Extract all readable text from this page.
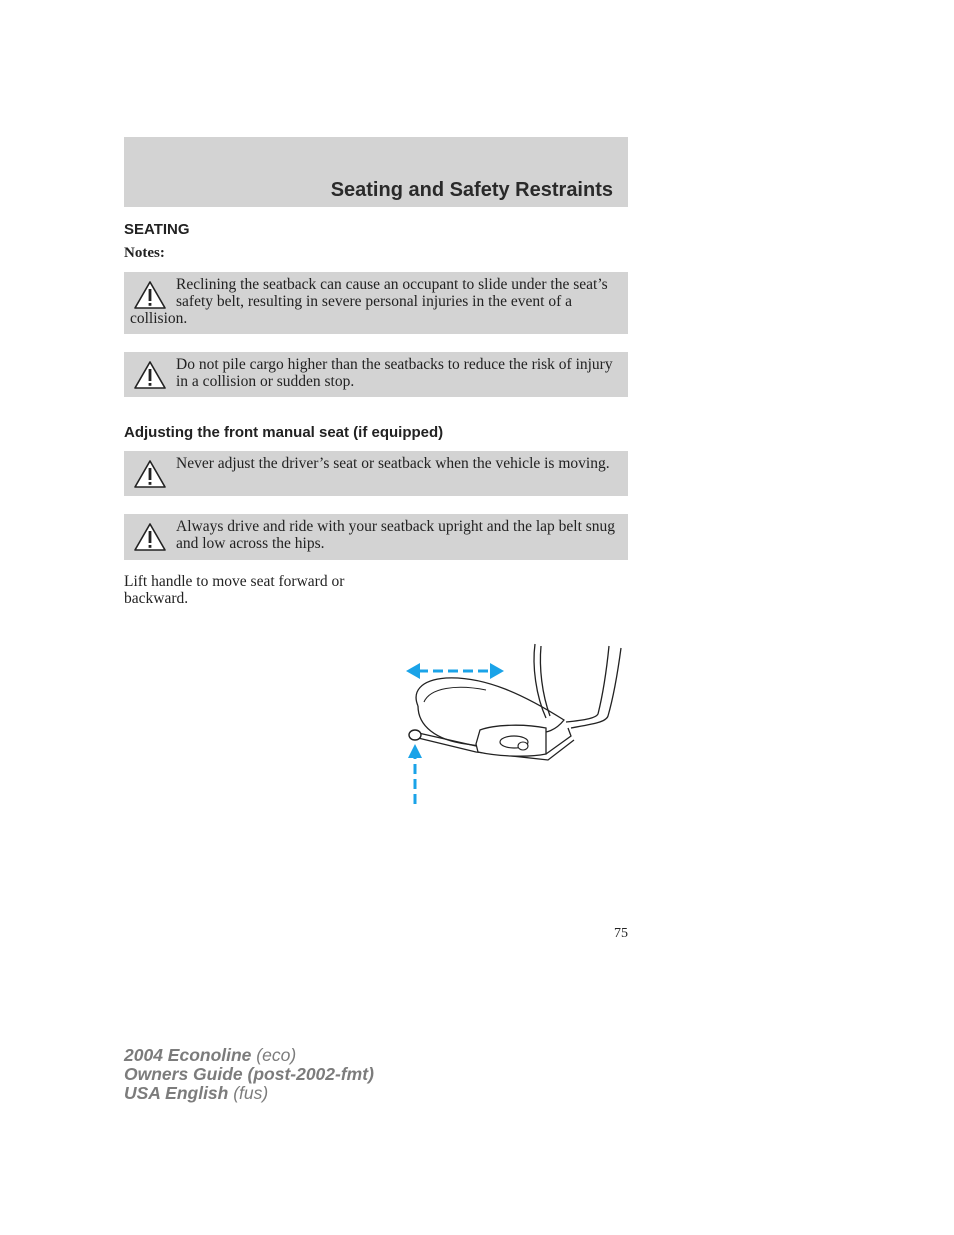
Seating and Safety Restraints
SEATING
Notes:
Reclining the seatback can cause an occupant to slide under the seat’s safety belt, resulting in severe personal injuries in the event of a collision.
Do not pile cargo higher than the seatbacks to reduce the risk of injury in a collision or sudden stop.
Adjusting the front manual seat (if equipped)
Never adjust the driver’s seat or seatback when the vehicle is moving.
Always drive and ride with your seatback upright and the lap belt snug and low across the hips.
Lift handle to move seat forward or backward.
75
2004 Econoline (eco)
Owners Guide (post-2002-fmt)
USA English (fus)
